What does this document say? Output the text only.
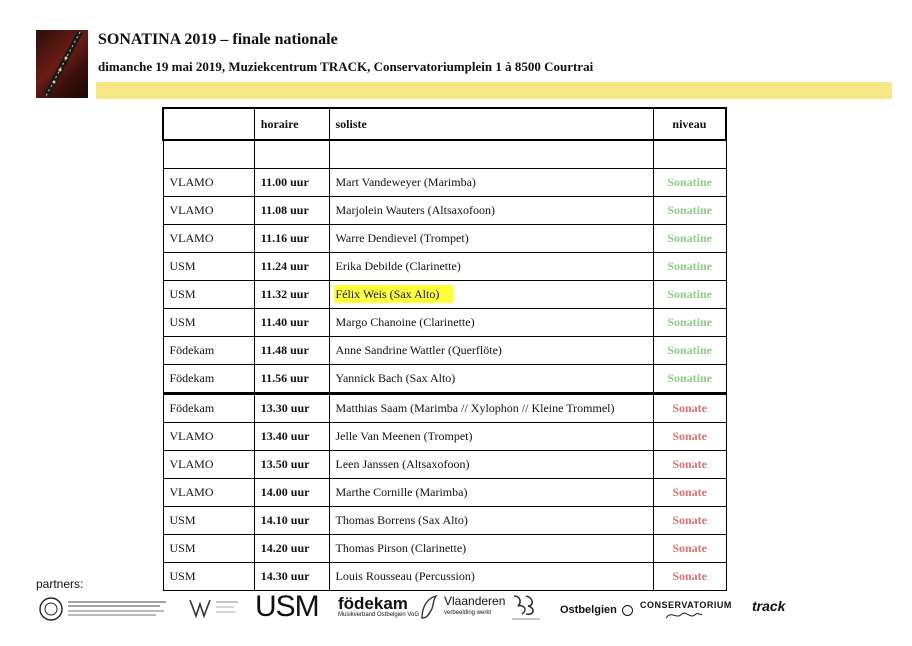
SONATINA 2019 – finale nationale
dimanche 19 mai 2019, Muziekcentrum TRACK, Conservatoriumplein 1 à 8500 Courtrai
	horaire	soliste	niveau

VLAMO	11.00 uur	Mart Vandeweyer (Marimba)	Sonatine
VLAMO	11.08 uur	Marjolein Wauters (Altsaxofoon)	Sonatine
VLAMO	11.16 uur	Warre Dendievel (Trompet)	Sonatine
USM	11.24 uur	Erika Debilde (Clarinette)	Sonatine
USM	11.32 uur	Félix Weis (Sax Alto)	Sonatine
USM	11.40 uur	Margo Chanoine (Clarinette)	Sonatine
Födekam	11.48 uur	Anne Sandrine Wattler (Querflöte)	Sonatine
Födekam	11.56 uur	Yannick Bach (Sax Alto)	Sonatine
Födekam	13.30 uur	Matthias Saam (Marimba // Xylophon // Kleine Trommel)	Sonate
VLAMO	13.40 uur	Jelle Van Meenen (Trompet)	Sonate
VLAMO	13.50 uur	Leen Janssen (Altsaxofoon)	Sonate
VLAMO	14.00 uur	Marthe Cornille (Marimba)	Sonate
USM	14.10 uur	Thomas Borrens (Sax Alto)	Sonate
USM	14.20 uur	Thomas Pirson (Clarinette)	Sonate
USM	14.30 uur	Louis Rousseau (Percussion)	Sonate
partners:
USM födekam
Musikverband Ostbelgien VoG
Vlaanderen
verbeelding werkt	Ostbelgien	CONSERVATORIUM track
